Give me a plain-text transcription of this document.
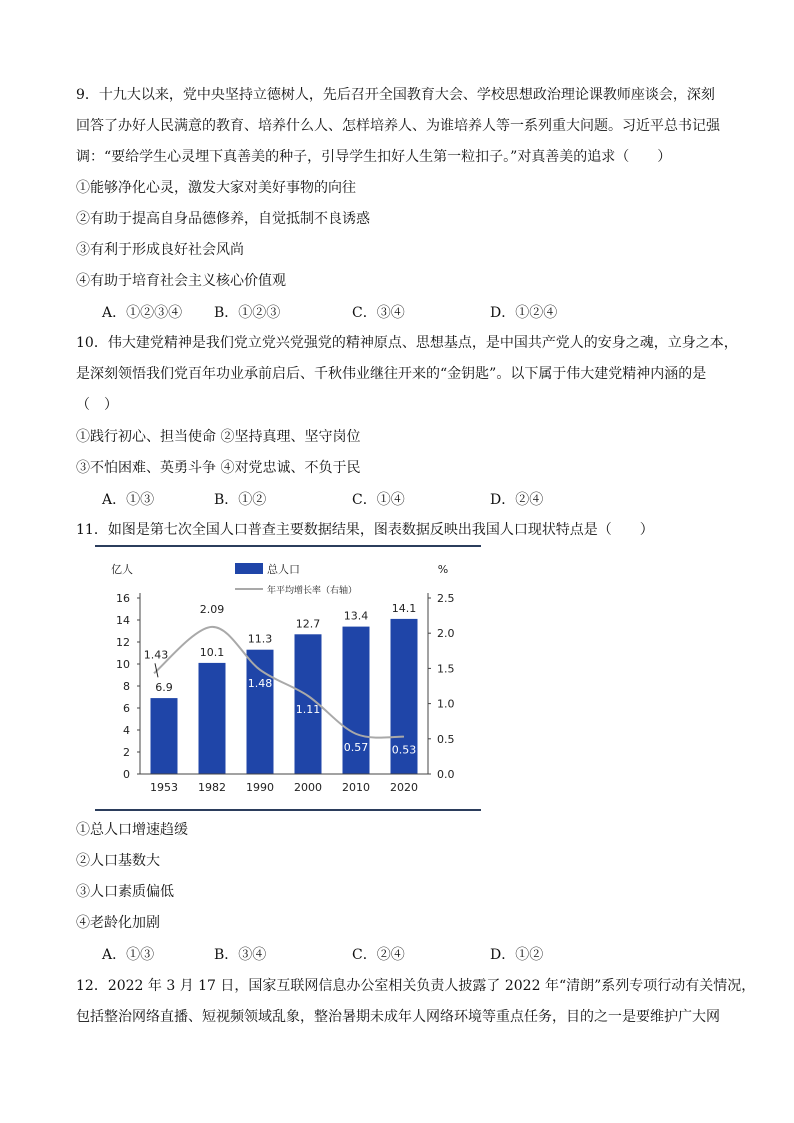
9．十九大以来，党中央坚持立德树人，先后召开全国教育大会、学校思想政治理论课教师座谈会，深刻
回答了办好人民满意的教育、培养什么人、怎样培养人、为谁培养人等一系列重大问题。习近平总书记强
调：“要给学生心灵埋下真善美的种子，引导学生扣好人生第一粒扣子。”对真善美的追求（　　）
①能够净化心灵，激发大家对美好事物的向往
②有助于提高自身品德修养，自觉抵制不良诱惑
③有利于形成良好社会风尚
④有助于培育社会主义核心价值观
A．①②③④ B．①②③	C．③④	D．①②④
10．伟大建党精神是我们党立党兴党强党的精神原点、思想基点，是中国共产党人的安身之魂，立身之本，
是深刻领悟我们党百年功业承前启后、千秋伟业继往开来的“金钥匙”。以下属于伟大建党精神内涵的是
（　）
①践行初心、担当使命 ②坚持真理、坚守岗位
③不怕困难、英勇斗争 ④对党忠诚、不负于民
A．①③	B．①②	C．①④	D．②④
11．如图是第七次全国人口普查主要数据结果，图表数据反映出我国人口现状特点是（　　）
6.9
10.1
11.3
12.7
13.4
14.1
1.43
2.09
1.48
1.11
0.57 0.53
0
2
4
6
8
10
12
14
16
0.0
0.5
1.0
1.5
2.0
2.5
亿人	%
1953 1982 1990 2000 2010 2020
总人口
年平均增长率（右轴）
①总人口增速趋缓
②人口基数大
③人口素质偏低
④老龄化加剧
A．①③	B．③④	C．②④	D．①②
12．2022 年 3 月 17 日，国家互联网信息办公室相关负责人披露了 2022 年“清朗”系列专项行动有关情况，
包括整治网络直播、短视频领域乱象，整治暑期未成年人网络环境等重点任务，目的之一是要维护广大网
